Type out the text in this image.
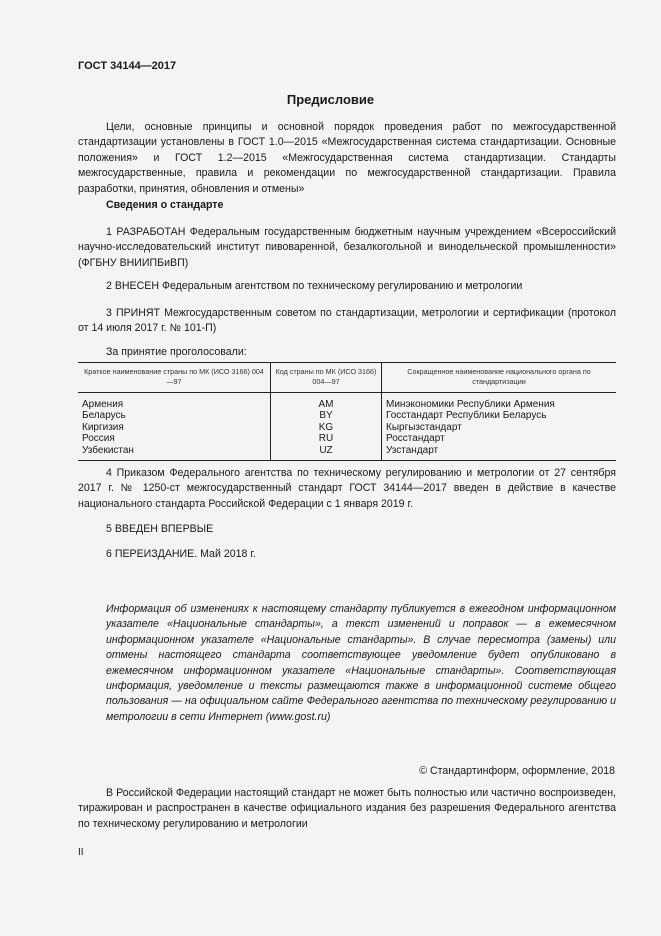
ГОСТ 34144—2017
Предисловие

Цели, основные принципы и основной порядок проведения работ по межгосударственной стандартизации установлены в ГОСТ 1.0—2015 «Межгосударственная система стандартизации. Основные положения» и ГОСТ 1.2—2015 «Межгосударственная система стандартизации. Стандарты межгосударственные, правила и рекомендации по межгосударственной стандартизации. Правила разработки, принятия, обновления и отмены»

Сведения о стандарте

1 РАЗРАБОТАН Федеральным государственным бюджетным научным учреждением «Всероссийский научно-исследовательский институт пивоваренной, безалкогольной и винодельческой промышленности» (ФГБНУ ВНИИПБиВП)

2 ВНЕСЕН Федеральным агентством по техническому регулированию и метрологии

3 ПРИНЯТ Межгосударственным советом по стандартизации, метрологии и сертификации (протокол от 14 июля 2017 г. № 101-П)

За принятие проголосовали:
Краткое наименование страны по МК (ИСО 3166) 004—97	Код страны по МК (ИСО 3166) 004—97	Сокращенное наименование национального органа по стандартизации
Армения	AM	Минэкономики Республики Армения
Беларусь	BY	Госстандарт Республики Беларусь
Киргизия	KG	Кыргызстандарт
Россия	RU	Росстандарт
Узбекистан	UZ	Узстандарт

4 Приказом Федерального агентства по техническому регулированию и метрологии от 27 сентября 2017 г. № 1250-ст межгосударственный стандарт ГОСТ 34144—2017 введен в действие в качестве национального стандарта Российской Федерации с 1 января 2019 г.

5 ВВЕДЕН ВПЕРВЫЕ
6 ПЕРЕИЗДАНИЕ. Май 2018 г.
Информация об изменениях к настоящему стандарту публикуется в ежегодном информационном указателе «Национальные стандарты», а текст изменений и поправок — в ежемесячном информационном указателе «Национальные стандарты». В случае пересмотра (замены) или отмены настоящего стандарта соответствующее уведомление будет опубликовано в ежемесячном информационном указателе «Национальные стандарты». Соответствующая информация, уведомление и тексты размещаются также в информационной системе общего пользования — на официальном сайте Федерального агентства по техническому регулированию и метрологии в сети Интернет (www.gost.ru)
© Стандартинформ, оформление, 2018

В Российской Федерации настоящий стандарт не может быть полностью или частично воспроизведен, тиражирован и распространен в качестве официального издания без разрешения Федерального агентства по техническому регулированию и метрологии

II
